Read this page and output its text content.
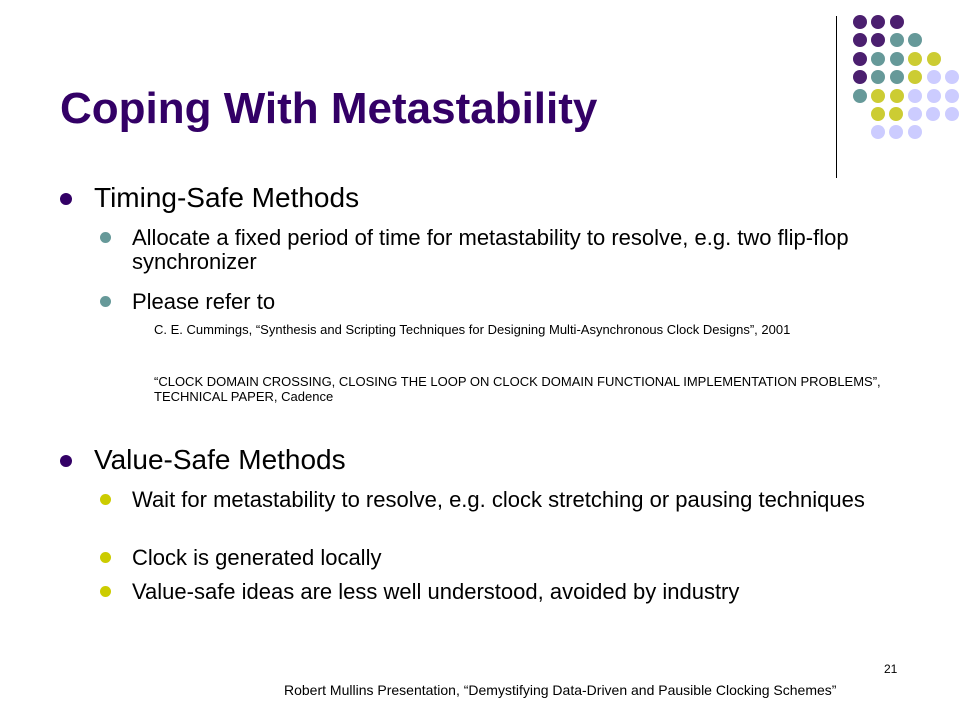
Coping With Metastability
Timing-Safe Methods
Allocate a fixed period of time for metastability to resolve, e.g. two flip-flop synchronizer
Please refer to
C. E. Cummings, “Synthesis and Scripting Techniques for Designing Multi-Asynchronous Clock Designs”, 2001
“CLOCK DOMAIN CROSSING, CLOSING THE LOOP ON CLOCK DOMAIN FUNCTIONAL IMPLEMENTATION PROBLEMS”, TECHNICAL PAPER, Cadence
Value-Safe Methods
Wait for metastability to resolve, e.g. clock stretching or pausing techniques
Clock is generated locally
Value-safe ideas are less well understood, avoided by industry
21
Robert Mullins Presentation, “Demystifying Data-Driven and Pausible Clocking Schemes”
